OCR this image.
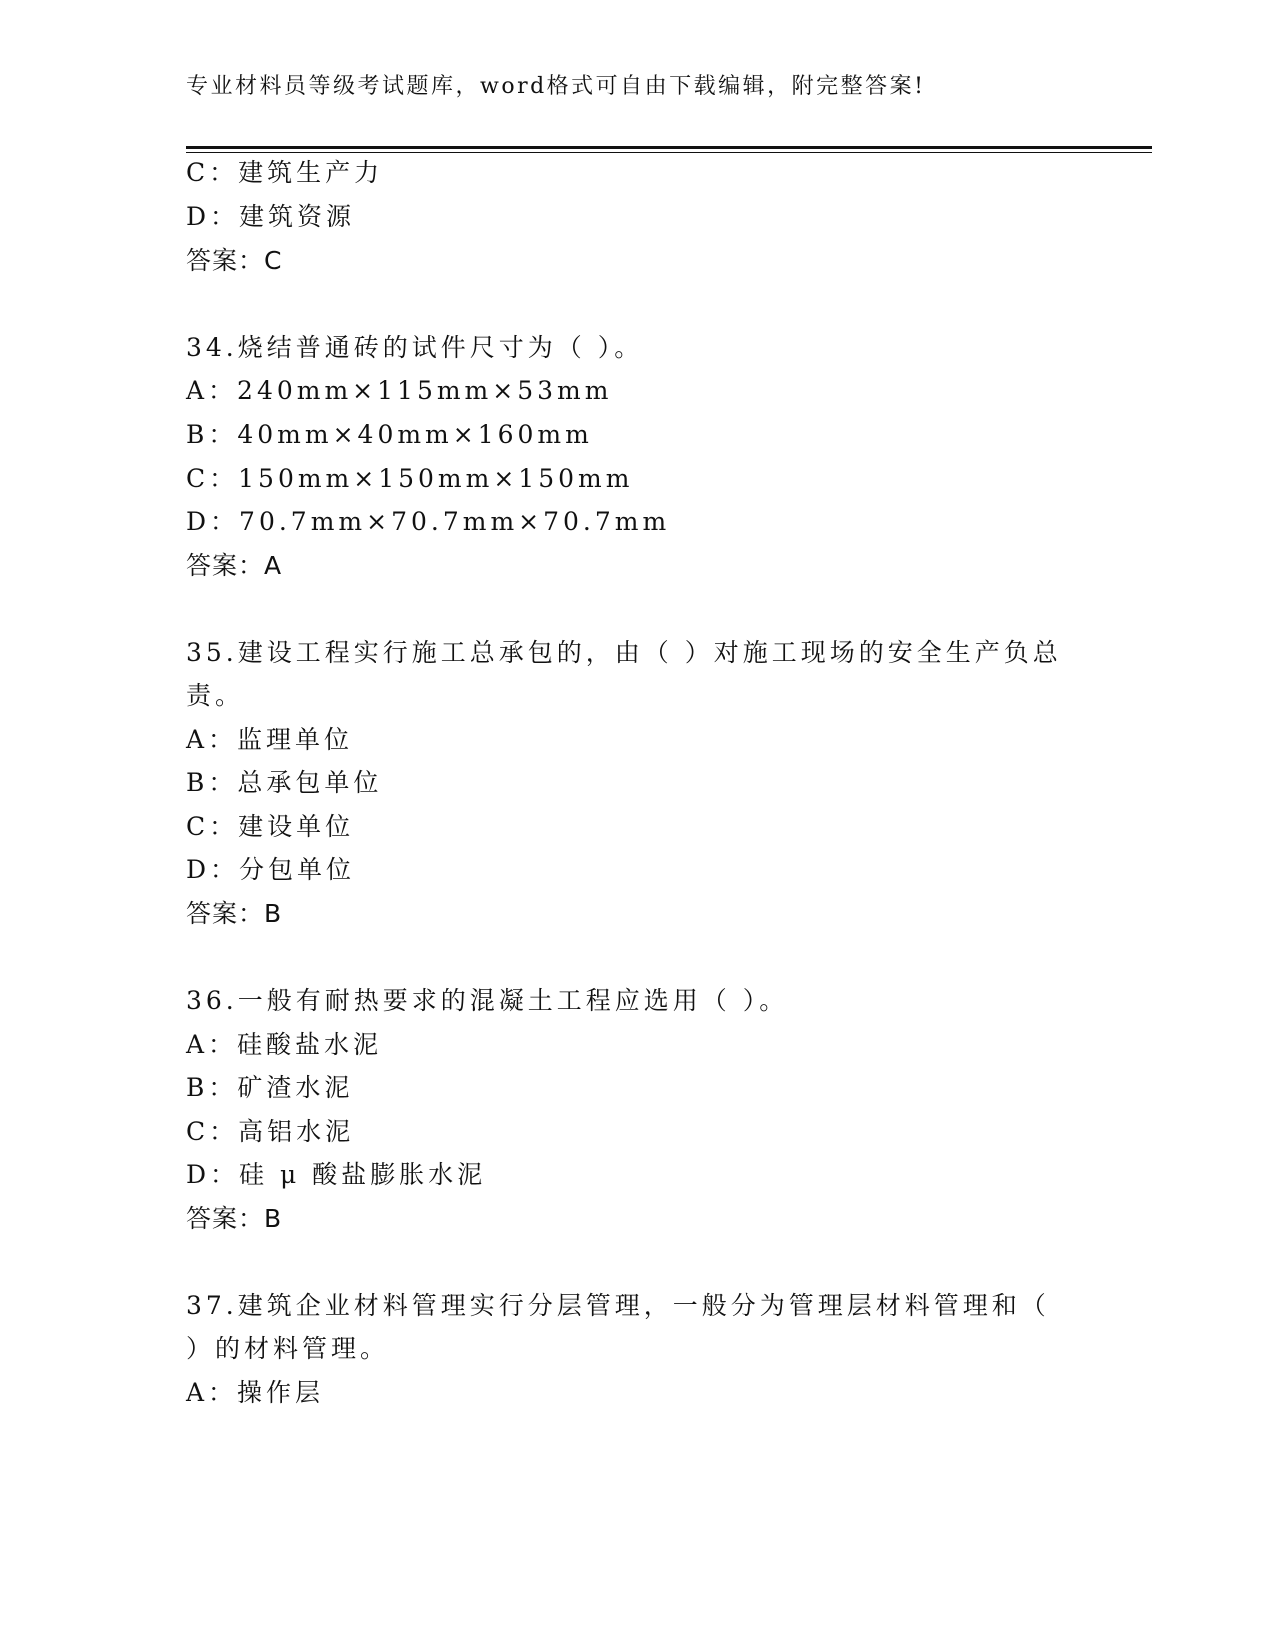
专业材料员等级考试题库，word格式可自由下载编辑，附完整答案!
C：建筑生产力
D：建筑资源
答案：C
34.烧结普通砖的试件尺寸为（ ）。
A：240mm×115mm×53mm
B：40mm×40mm×160mm
C：150mm×150mm×150mm
D：70.7mm×70.7mm×70.7mm
答案：A
35.建设工程实行施工总承包的，由（ ）对施工现场的安全生产负总
责。
A：监理单位
B：总承包单位
C：建设单位
D：分包单位
答案：B
36.一般有耐热要求的混凝土工程应选用（ ）。
A：硅酸盐水泥
B：矿渣水泥
C：高铝水泥
D：硅 μ 酸盐膨胀水泥
答案：B
37.建筑企业材料管理实行分层管理，一般分为管理层材料管理和（
）的材料管理。
A：操作层
